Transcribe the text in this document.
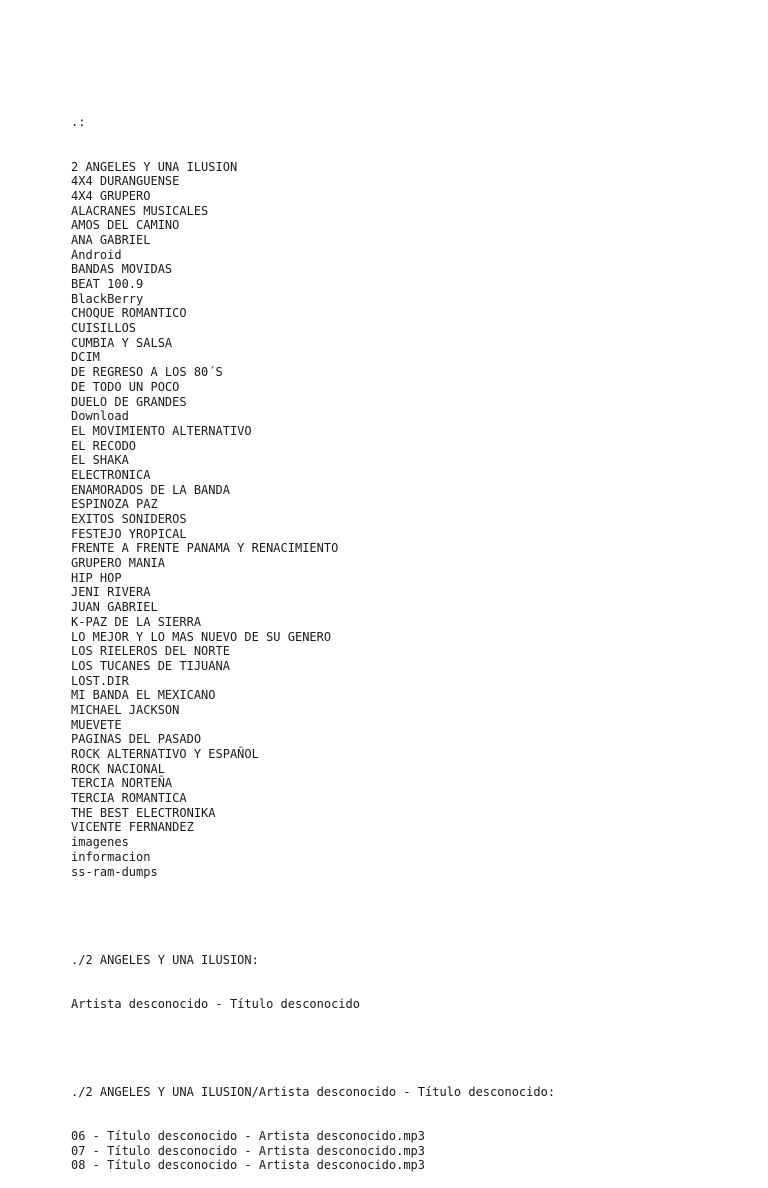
.:

2 ANGELES Y UNA ILUSION
4X4 DURANGUENSE
4X4 GRUPERO
ALACRANES MUSICALES
AMOS DEL CAMINO
ANA GABRIEL
Android
BANDAS MOVIDAS
BEAT 100.9
BlackBerry
CHOQUE ROMANTICO
CUISILLOS
CUMBIA Y SALSA
DCIM
DE REGRESO A LOS 80´S
DE TODO UN POCO
DUELO DE GRANDES
Download
EL MOVIMIENTO ALTERNATIVO
EL RECODO
EL SHAKA
ELECTRONICA
ENAMORADOS DE LA BANDA
ESPINOZA PAZ
EXITOS SONIDEROS
FESTEJO YROPICAL
FRENTE A FRENTE PANAMA Y RENACIMIENTO
GRUPERO MANIA
HIP HOP
JENI RIVERA
JUAN GABRIEL
K-PAZ DE LA SIERRA
LO MEJOR Y LO MAS NUEVO DE SU GENERO
LOS RIELEROS DEL NORTE
LOS TUCANES DE TIJUANA
LOST.DIR
MI BANDA EL MEXICANO
MICHAEL JACKSON
MUEVETE
PAGINAS DEL PASADO
ROCK ALTERNATIVO Y ESPAÑOL
ROCK NACIONAL
TERCIA NORTEÑA
TERCIA ROMANTICA
THE BEST ELECTRONIKA
VICENTE FERNANDEZ
imagenes
informacion
ss-ram-dumps

./2 ANGELES Y UNA ILUSION:

Artista desconocido - Título desconocido

./2 ANGELES Y UNA ILUSION/Artista desconocido - Título desconocido:

06 - Título desconocido - Artista desconocido.mp3
07 - Título desconocido - Artista desconocido.mp3
08 - Título desconocido - Artista desconocido.mp3
